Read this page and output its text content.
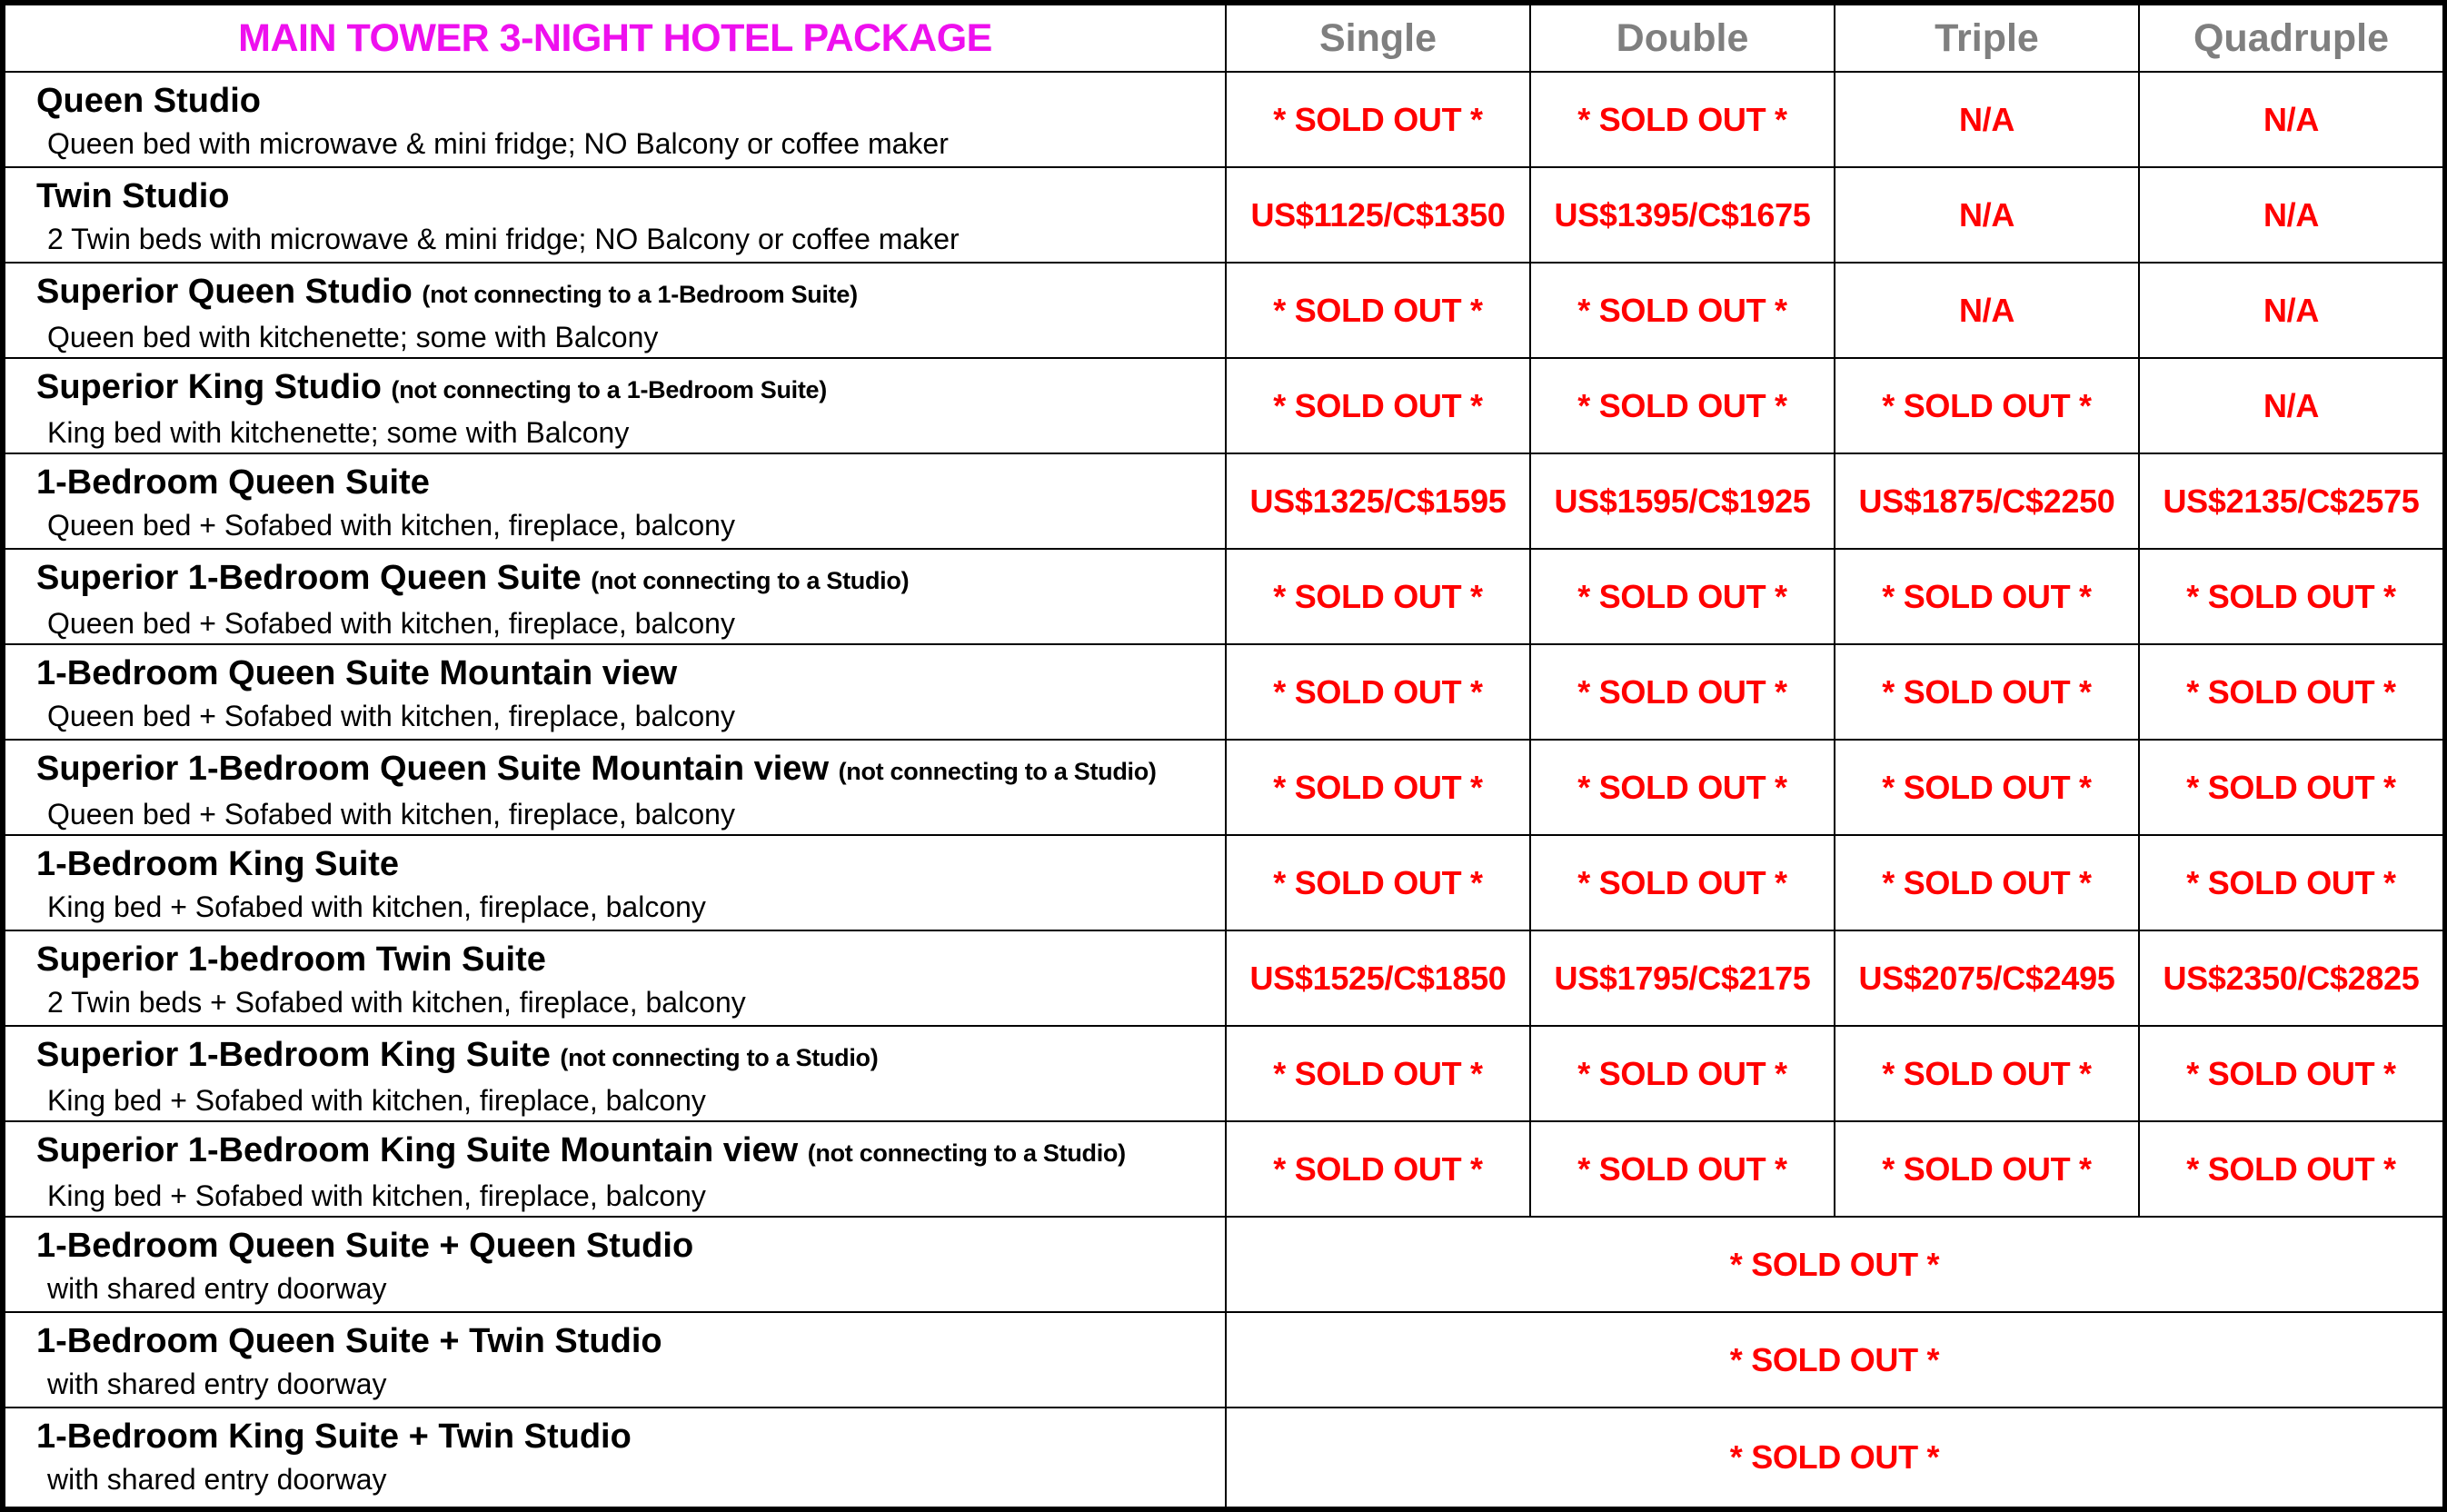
MAIN TOWER 3-NIGHT HOTEL PACKAGE	Single	Double	Triple	Quadruple

Queen Studio
Queen bed with microwave & mini fridge; NO Balcony or coffee maker	* SOLD OUT *	* SOLD OUT *	N/A	N/A

Twin Studio
2 Twin beds with microwave & mini fridge; NO Balcony or coffee maker	US$1125/C$1350	US$1395/C$1675	N/A	N/A

Superior Queen Studio (not connecting to a 1-Bedroom Suite)
Queen bed with kitchenette; some with Balcony	* SOLD OUT *	* SOLD OUT *	N/A	N/A

Superior King Studio (not connecting to a 1-Bedroom Suite)
King bed with kitchenette; some with Balcony	* SOLD OUT *	* SOLD OUT *	* SOLD OUT *	N/A

1-Bedroom Queen Suite
Queen bed + Sofabed with kitchen, fireplace, balcony	US$1325/C$1595	US$1595/C$1925	US$1875/C$2250	US$2135/C$2575

Superior 1-Bedroom Queen Suite (not connecting to a Studio)
Queen bed + Sofabed with kitchen, fireplace, balcony	* SOLD OUT *	* SOLD OUT *	* SOLD OUT *	* SOLD OUT *

1-Bedroom Queen Suite Mountain view
Queen bed + Sofabed with kitchen, fireplace, balcony	* SOLD OUT *	* SOLD OUT *	* SOLD OUT *	* SOLD OUT *

Superior 1-Bedroom Queen Suite Mountain view (not connecting to a Studio)
Queen bed + Sofabed with kitchen, fireplace, balcony	* SOLD OUT *	* SOLD OUT *	* SOLD OUT *	* SOLD OUT *

1-Bedroom King Suite
King bed + Sofabed with kitchen, fireplace, balcony	* SOLD OUT *	* SOLD OUT *	* SOLD OUT *	* SOLD OUT *

Superior 1-bedroom Twin Suite
2 Twin beds + Sofabed with kitchen, fireplace, balcony	US$1525/C$1850	US$1795/C$2175	US$2075/C$2495	US$2350/C$2825

Superior 1-Bedroom King Suite (not connecting to a Studio)
King bed + Sofabed with kitchen, fireplace, balcony	* SOLD OUT *	* SOLD OUT *	* SOLD OUT *	* SOLD OUT *

Superior 1-Bedroom King Suite Mountain view (not connecting to a Studio)
King bed + Sofabed with kitchen, fireplace, balcony	* SOLD OUT *	* SOLD OUT *	* SOLD OUT *	* SOLD OUT *

1-Bedroom Queen Suite + Queen Studio
with shared entry doorway	* SOLD OUT *			

1-Bedroom Queen Suite + Twin Studio
with shared entry doorway	* SOLD OUT *			

1-Bedroom King Suite + Twin Studio
with shared entry doorway	* SOLD OUT *			
